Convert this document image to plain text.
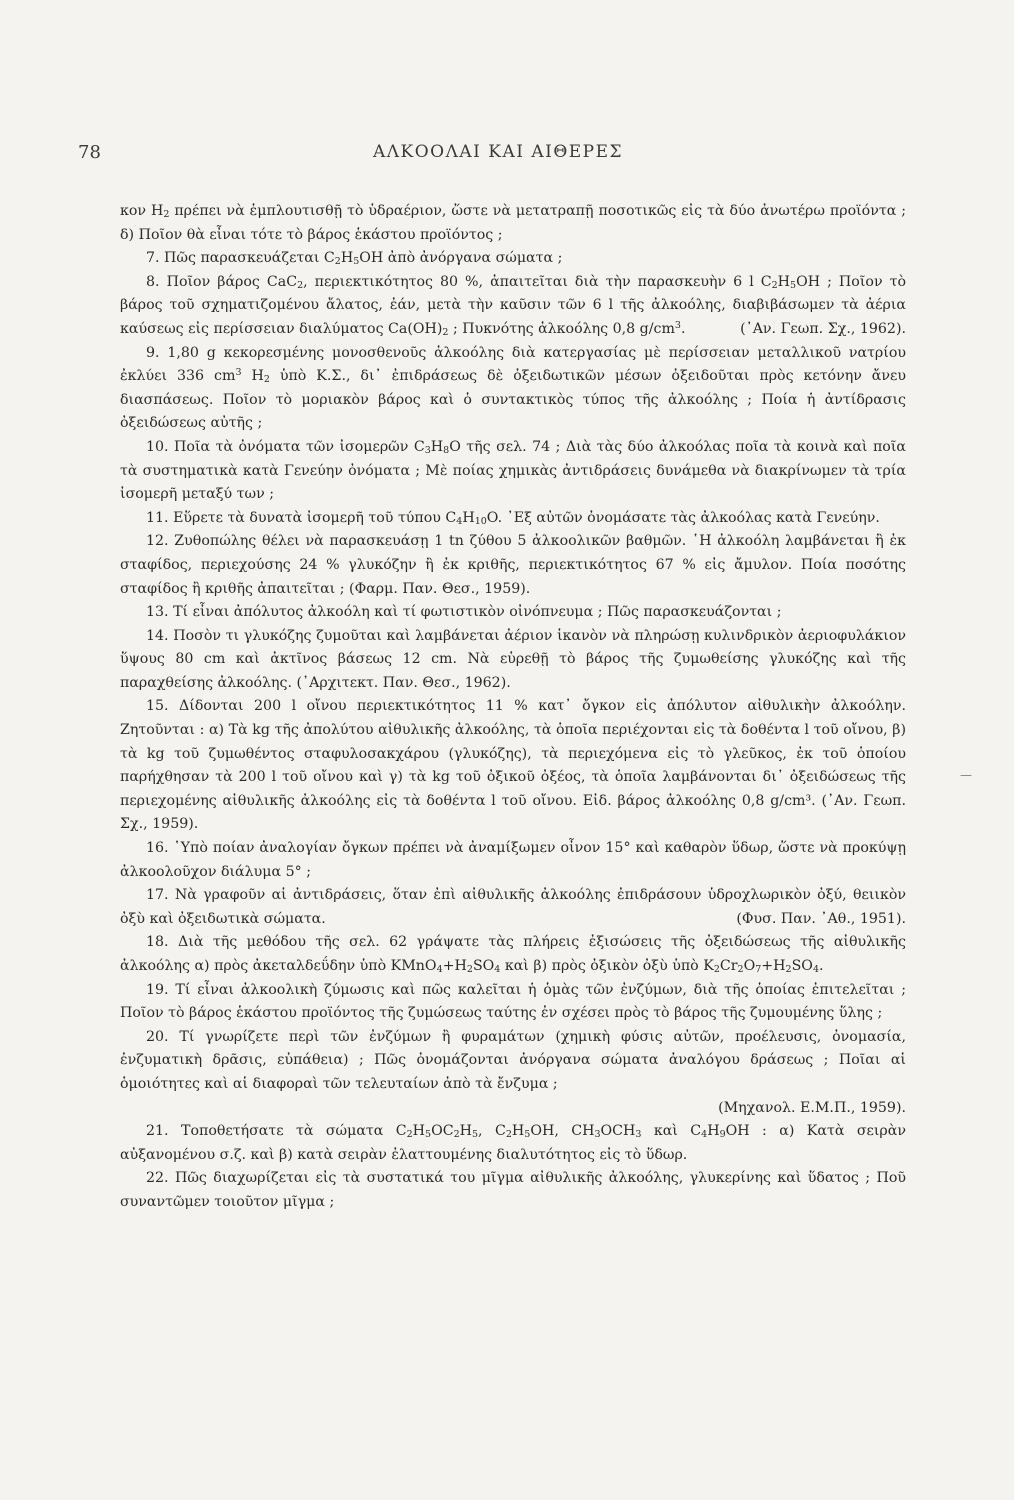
78	ΑΛΚΟΟΛΑΙ ΚΑΙ ΑΙΘΕΡΕΣ
—

κον $H_2$ πρέπει νὰ ἐμπλουτισθῇ τὸ ὑδραέριον, ὥστε νὰ μετατραπῇ ποσοτικῶς εἰς τὰ δύο ἀνωτέρω προϊόντα ; δ) Ποῖον θὰ εἶναι τότε τὸ βάρος ἑκάστου προϊόντος ;

7. Πῶς παρασκευάζεται $C_2H_5OH$ ἀπὸ ἀνόργανα σώματα ;

8. Ποῖον βάρος CaC$_2$, περιεκτικότητος 80 %, ἀπαιτεῖται διὰ τὴν παρασκευὴν 6 l $C_2H_5OH$ ; Ποῖον τὸ βάρος τοῦ σχηματιζομένου ἄλατος, ἐάν, μετὰ τὴν καῦσιν τῶν 6 l τῆς ἀλκοόλης, διαβιβάσωμεν τὰ ἀέρια καύσεως εἰς περίσσειαν διαλύματος $Ca(OH)_2$ ; Πυκνότης ἀλκοόλης 0,8 $g/cm^3$.	(᾿Αν. Γεωπ. Σχ., 1962).

9. 1,80 g κεκορεσμένης μονοσθενοῦς ἀλκοόλης διὰ κατεργασίας μὲ περίσσειαν μεταλλικοῦ νατρίου ἐκλύει 336 $cm^3$ $H_2$ ὑπὸ Κ.Σ., δι᾿ ἐπιδράσεως δὲ ὀξειδωτικῶν μέσων ὀξειδοῦται πρὸς κετόνην ἄνευ διασπάσεως. Ποῖον τὸ μοριακὸν βάρος καὶ ὁ συντακτικὸς τύπος τῆς ἀλκοόλης ; Ποία ἡ ἀντίδρασις ὀξειδώσεως αὐτῆς ;

10. Ποῖα τὰ ὀνόματα τῶν ἰσομερῶν $C_3H_8O$ τῆς σελ. 74 ; Διὰ τὰς δύο ἀλκοόλας ποῖα τὰ κοινὰ καὶ ποῖα τὰ συστηματικὰ κατὰ Γενεύην ὀνόματα ; Μὲ ποίας χημικὰς ἀντιδράσεις δυνάμεθα νὰ διακρίνωμεν τὰ τρία ἰσομερῆ μεταξύ των ;

11. Εὕρετε τὰ δυνατὰ ἰσομερῆ τοῦ τύπου $C_4H_{10}O$. ᾿Εξ αὐτῶν ὀνομάσατε τὰς ἀλκοόλας κατὰ Γενεύην.

12. Ζυθοπώλης θέλει νὰ παρασκευάσῃ 1 tn ζύθου 5 ἀλκοολικῶν βαθμῶν. ῾Η ἀλκοόλη λαμβάνεται ἢ ἐκ σταφίδος, περιεχούσης 24 % γλυκόζην ἢ ἐκ κριθῆς, περιεκτικότητος 67 % εἰς ἄμυλον. Ποία ποσότης σταφίδος ἢ κριθῆς ἀπαιτεῖται ; (Φαρμ. Παν. Θεσ., 1959).

13. Τί εἶναι ἀπόλυτος ἀλκοόλη καὶ τί φωτιστικὸν οἰνόπνευμα ; Πῶς παρασκευάζονται ;

14. Ποσὸν τι γλυκόζης ζυμοῦται καὶ λαμβάνεται ἀέριον ἱκανὸν νὰ πληρώσῃ κυλινδρικὸν ἀεριοφυλάκιον ὕψους 80 cm καὶ ἀκτῖνος βάσεως 12 cm. Νὰ εὑρεθῇ τὸ βάρος τῆς ζυμωθείσης γλυκόζης καὶ τῆς παραχθείσης ἀλκοόλης. (᾿Αρχιτεκτ. Παν. Θεσ., 1962).

15. Δίδονται 200 l οἴνου περιεκτικότητος 11 % κατ᾿ ὄγκον εἰς ἀπόλυτον αἰθυλικὴν ἀλκοόλην. Ζητοῦνται : α) Τὰ kg τῆς ἀπολύτου αἰθυλικῆς ἀλκοόλης, τὰ ὁποῖα περιέχονται εἰς τὰ δοθέντα l τοῦ οἴνου, β) τὰ kg τοῦ ζυμωθέντος σταφυλοσακχάρου (γλυκόζης), τὰ περιεχόμενα εἰς τὸ γλεῦκος, ἐκ τοῦ ὁποίου παρήχθησαν τὰ 200 l τοῦ οἴνου καὶ γ) τὰ kg τοῦ ὀξικοῦ ὀξέος, τὰ ὁποῖα λαμβάνονται δι᾿ ὀξειδώσεως τῆς περιεχομένης αἰθυλικῆς ἀλκοόλης εἰς τὰ δοθέντα l τοῦ οἴνου. Εἰδ. βάρος ἀλκοόλης 0,8 g/cm³. (᾿Αν. Γεωπ. Σχ., 1959).

16. ῾Υπὸ ποίαν ἀναλογίαν ὄγκων πρέπει νὰ ἀναμίξωμεν οἶνον 15° καὶ καθαρὸν ὕδωρ, ὥστε νὰ προκύψῃ ἀλκοολοῦχον διάλυμα 5° ;

17. Νὰ γραφοῦν αἱ ἀντιδράσεις, ὅταν ἐπὶ αἰθυλικῆς ἀλκοόλης ἐπιδράσουν ὑδροχλωρικὸν ὀξύ, θειικὸν ὀξὺ καὶ ὀξειδωτικὰ σώματα.	(Φυσ. Παν. ᾿Αθ., 1951).

18. Διὰ τῆς μεθόδου τῆς σελ. 62 γράψατε τὰς πλήρεις ἐξισώσεις τῆς ὀξειδώσεως τῆς αἰθυλικῆς ἀλκοόλης α) πρὸς ἀκεταλδεΰδην ὑπὸ $KMnO_4+H_2SO_4$ καὶ β) πρὸς ὀξικὸν ὀξὺ ὑπὸ $K_2Cr_2O_7+H_2SO_4$.

19. Τί εἶναι ἀλκοολικὴ ζύμωσις καὶ πῶς καλεῖται ἡ ὁμὰς τῶν ἐνζύμων, διὰ τῆς ὁποίας ἐπιτελεῖται ; Ποῖον τὸ βάρος ἑκάστου προϊόντος τῆς ζυμώσεως ταύτης ἐν σχέσει πρὸς τὸ βάρος τῆς ζυμουμένης ὕλης ;

20. Τί γνωρίζετε περὶ τῶν ἐνζύμων ἢ φυραμάτων (χημικὴ φύσις αὐτῶν, προέλευσις, ὀνομασία, ἐνζυματικὴ δρᾶσις, εὐπάθεια) ; Πῶς ὀνομάζονται ἀνόργανα σώματα ἀναλόγου δράσεως ; Ποῖαι αἱ ὁμοιότητες καὶ αἱ διαφοραὶ τῶν τελευταίων ἀπὸ τὰ ἔνζυμα ;

(Μηχανολ. Ε.Μ.Π., 1959).

21. Τοποθετήσατε τὰ σώματα $C_2H_5OC_2H_5$, $C_2H_5OH$, $CH_3OCH_3$ καὶ $C_4H_9OH$ : α) Κατὰ σειρὰν αὐξανομένου σ.ζ. καὶ β) κατὰ σειρὰν ἐλαττουμένης διαλυτότητος εἰς τὸ ὕδωρ.

22. Πῶς διαχωρίζεται εἰς τὰ συστατικά του μῖγμα αἰθυλικῆς ἀλκοόλης, γλυκερίνης καὶ ὕδατος ; Ποῦ συναντῶμεν τοιοῦτον μῖγμα ;
